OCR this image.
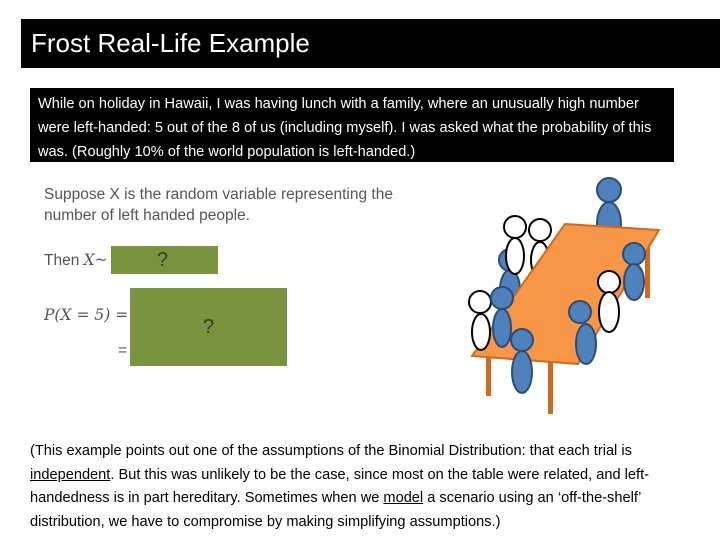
Frost Real-Life Example
While on holiday in Hawaii, I was having lunch with a family, where an unusually high number were left-handed: 5 out of the 8 of us (including myself). I was asked what the probability of this was. (Roughly 10% of the world population is left-handed.)
Suppose X is the random variable representing the
number of left handed people.
Then X~	?
P(X = 5) =
=
?
(This example points out one of the assumptions of the Binomial Distribution: that each trial is independent. But this was unlikely to be the case, since most on the table were related, and left-handedness is in part hereditary. Sometimes when we model a scenario using an ‘off-the-shelf’ distribution, we have to compromise by making simplifying assumptions.)
